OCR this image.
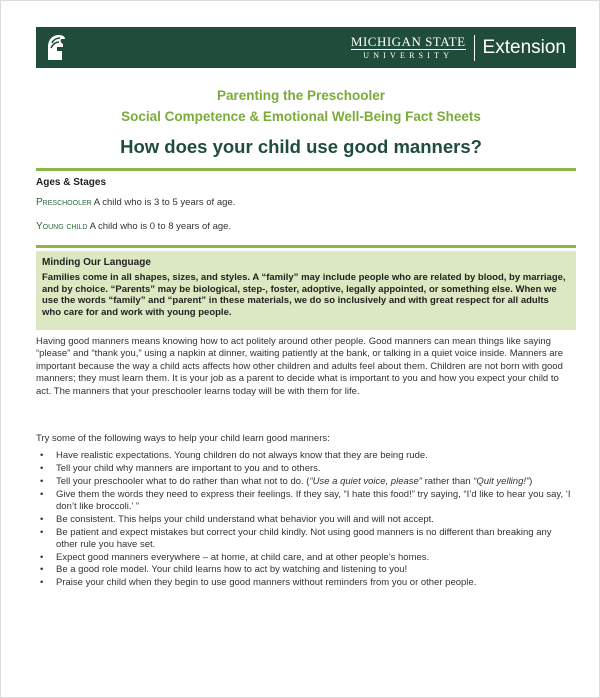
MICHIGAN STATE
UNIVERSITY Extension
Parenting the Preschooler
Social Competence & Emotional Well-Being Fact Sheets
How does your child use good manners?
Ages & Stages
Preschooler A child who is 3 to 5 years of age.
Young child A child who is 0 to 8 years of age.
Minding Our Language
Families come in all shapes, sizes, and styles. A “family” may include people who are related by blood, by marriage, and by choice. “Parents” may be biological, step-, foster, adoptive, legally appointed, or something else. When we use the words “family” and “parent” in these materials, we do so inclusively and with great respect for all adults who care for and work with young people.
Having good manners means knowing how to act politely around other people. Good manners can mean things like saying “please” and “thank you,” using a napkin at dinner, waiting patiently at the bank, or talking in a quiet voice inside. Manners are important because the way a child acts affects how other children and adults feel about them. Children are not born with good manners; they must learn them. It is your job as a parent to decide what is important to you and how you expect your child to act. The manners that your preschooler learns today will be with them for life.
Try some of the following ways to help your child learn good manners:
• Have realistic expectations. Young children do not always know that they are being rude.
• Tell your child why manners are important to you and to others.
• Tell your preschooler what to do rather than what not to do. (“Use a quiet voice, please” rather than “Quit yelling!”)
• Give them the words they need to express their feelings. If they say, “I hate this food!” try saying, “I’d like to hear you say, ‘I don’t like broccoli.’ ”
• Be consistent. This helps your child understand what behavior you will and will not accept.
• Be patient and expect mistakes but correct your child kindly. Not using good manners is no different than breaking any other rule you have set.
• Expect good manners everywhere – at home, at child care, and at other people’s homes.
• Be a good role model. Your child learns how to act by watching and listening to you!
• Praise your child when they begin to use good manners without reminders from you or other people.
